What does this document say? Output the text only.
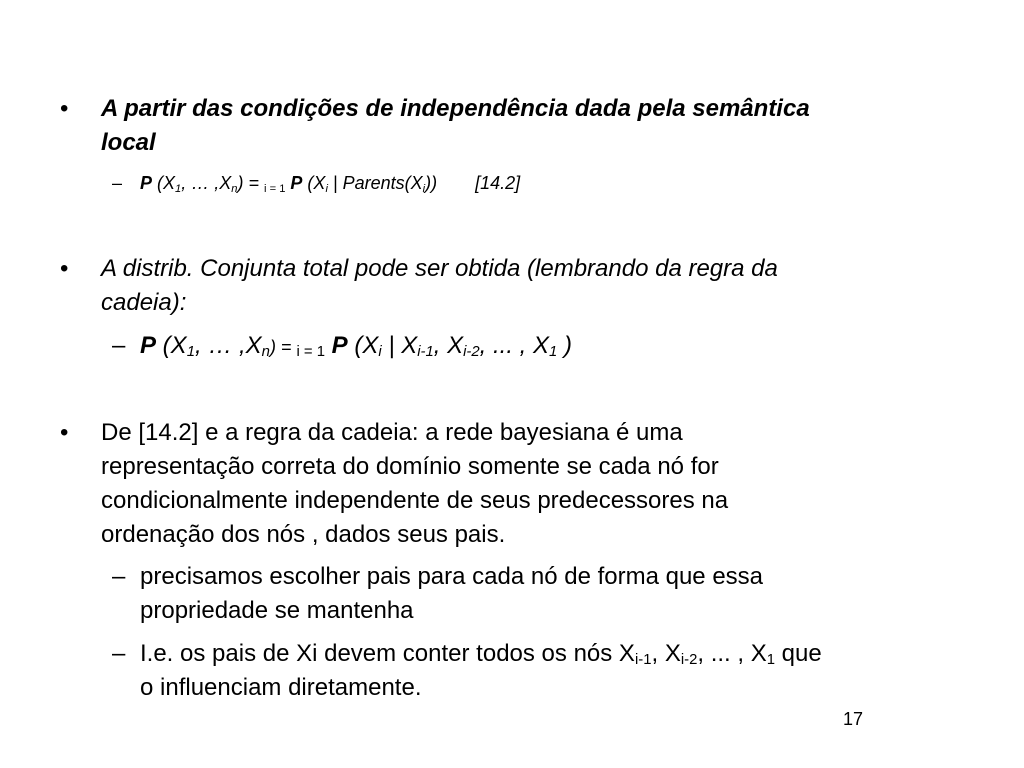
• A partir das condições de independência dada pela semântica
local
– P ($X_1$, … $,X_n) = _{i = 1}$ P ($X_i$ | $Parents(X_i)$) [14.2]
• A distrib. Conjunta total pode ser obtida (lembrando da regra da
cadeia):
– P ($X_1$, … $,X_n) = _{i = 1}$ P ($X_i$ | $X_{i-1}$, $X_{i-2}$, ... , $X_1$ )
• De [14.2] e a regra da cadeia: a rede bayesiana é uma
representação correta do domínio somente se cada nó for
condicionalmente independente de seus predecessores na
ordenação dos nós , dados seus pais.
– precisamos escolher pais para cada nó de forma que essa
propriedade se mantenha
– I.e. os pais de Xi devem conter todos os nós $X_{i-1}$, $X_{i-2}$, ... , $X_1$ que
o influenciam diretamente.
17
